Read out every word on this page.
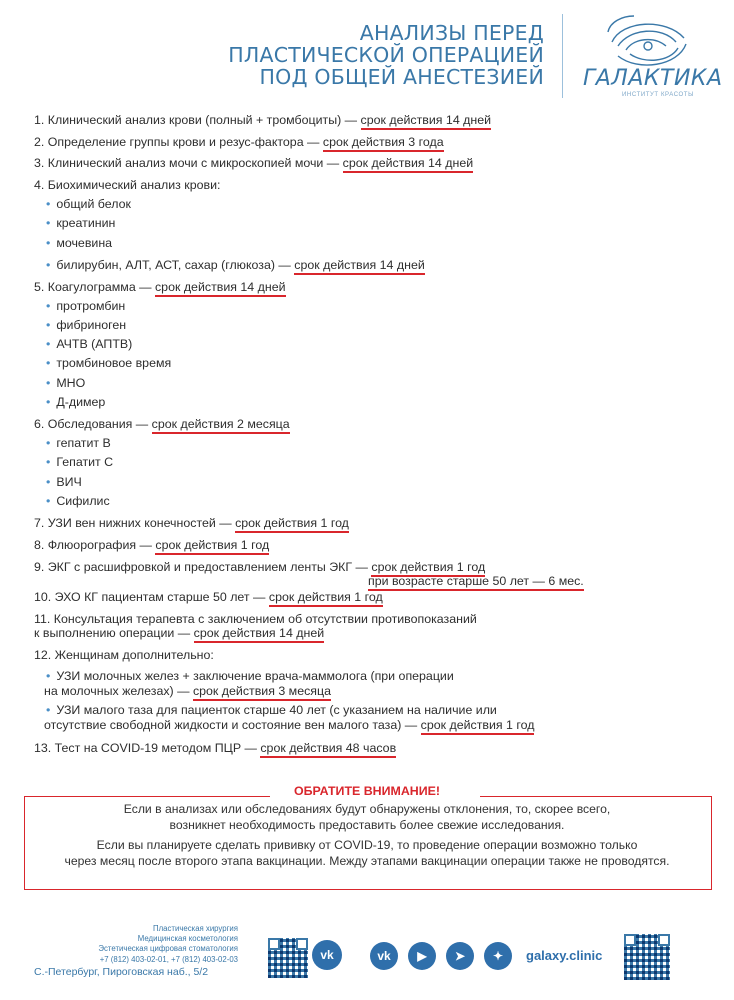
АНАЛИЗЫ ПЕРЕД
ПЛАСТИЧЕСКОЙ ОПЕРАЦИЕЙ
ПОД ОБЩЕЙ АНЕСТЕЗИЕЙ ГАЛАКТИКА
ИНСТИТУТ КРАСОТЫ
1. Клинический анализ крови (полный + тромбоциты) — срок действия 14 дней
2. Определение группы крови и резус-фактора — срок действия 3 года
3. Клинический анализ мочи с микроскопией мочи — срок действия 14 дней
4. Биохимический анализ крови:
• общий белок
• креатинин
• мочевина
• билирубин, АЛТ, АСТ, сахар (глюкоза) — срок действия 14 дней
5. Коагулограмма — срок действия 14 дней
• протромбин
• фибриноген
• АЧТВ (АПТВ)
• тромбиновое время
• МНО
• Д-димер
6. Обследования — срок действия 2 месяца
• гепатит В
• Гепатит С
• ВИЧ
• Сифилис
7. УЗИ вен нижних конечностей — срок действия 1 год
8. Флюорография — срок действия 1 год
9. ЭКГ с расшифровкой и предоставлением ленты ЭКГ — срок действия 1 год
при возрасте старше 50 лет — 6 мес.
10. ЭХО КГ пациентам старше 50 лет — срок действия 1 год
11. Консультация терапевта с заключением об отсутствии противопоказаний
к выполнению операции — срок действия 14 дней
12. Женщинам дополнительно:
• УЗИ молочных желез + заключение врача-маммолога (при операции
на молочных железах) — срок действия 3 месяца
• УЗИ малого таза для пациенток старше 40 лет (с указанием на наличие или
отсутствие свободной жидкости и состояние вен малого таза) — срок действия 1 год
13. Тест на COVID-19 методом ПЦР — срок действия 48 часов
ОБРАТИТЕ ВНИМАНИЕ!
Если в анализах или обследованиях будут обнаружены отклонения, то, скорее всего,
возникнет необходимость предоставить более свежие исследования.
Если вы планируете сделать прививку от COVID-19, то проведение операции возможно только
через месяц после второго этапа вакцинации. Между этапами вакцинации операции также не проводятся.
Пластическая хирургия
Медицинская косметология
Эстетическая цифровая стоматология
+7 (812) 403-02-01, +7 (812) 403-02-03
С.-Петербург, Пироговская наб., 5/2
vk	vk	▶	➤	✦	galaxy.clinic
